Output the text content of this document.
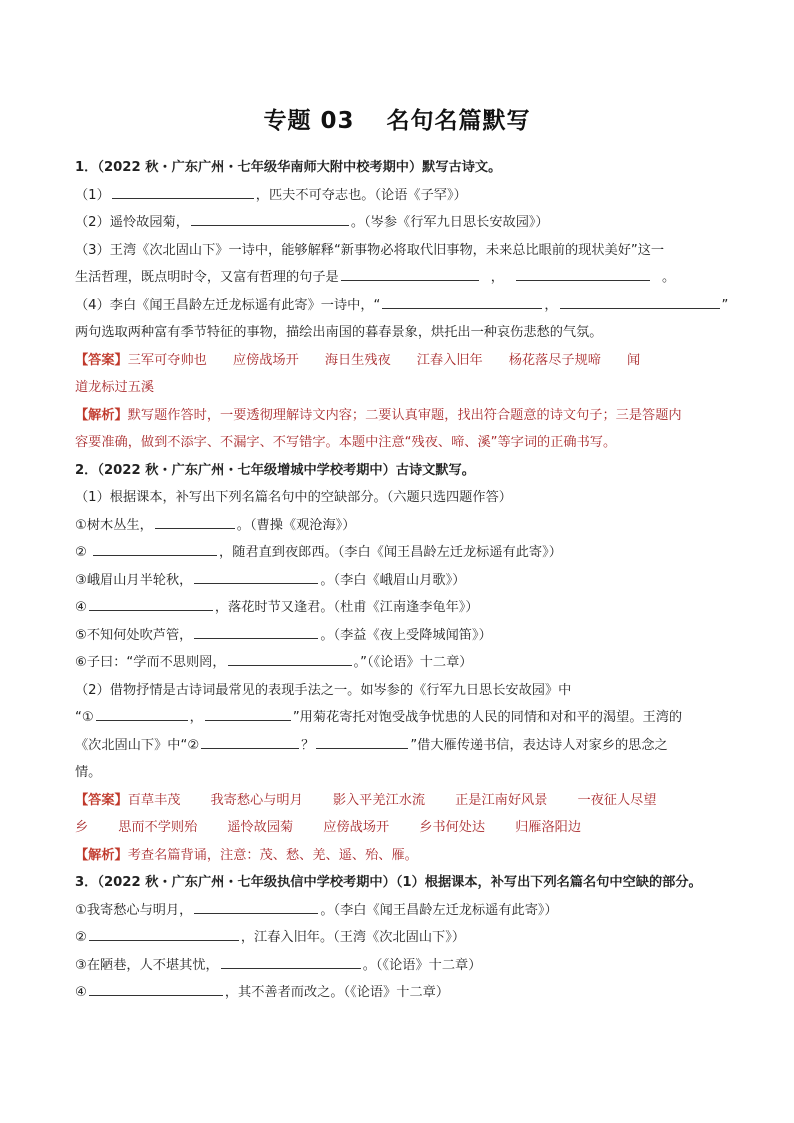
专题 03 名句名篇默写

1．（2022 秋・广东广州・七年级华南师大附中校考期中）默写古诗文。

（1）	，匹夫不可夺志也。（论语《子罕》）

（2）遥怜故园菊，	。（岑参《行军九日思长安故园》）

（3）王湾《次北固山下》一诗中，能够解释“新事物必将取代旧事物，未来总比眼前的现状美好”这一

生活哲理，既点明时令，又富有哲理的句子是	，	。

（4）李白《闻王昌龄左迁龙标遥有此寄》一诗中，“	，	”

两句选取两种富有季节特征的事物，描绘出南国的暮春景象，烘托出一种哀伤悲愁的气氛。

【答案】三军可夺帅也 应傍战场开 海日生残夜 江春入旧年 杨花落尽子规啼 闻

道龙标过五溪

【解析】默写题作答时，一要透彻理解诗文内容；二要认真审题，找出符合题意的诗文句子；三是答题内

容要准确，做到不添字、不漏字、不写错字。本题中注意“残夜、啼、溪”等字词的正确书写。

2．（2022 秋・广东广州・七年级增城中学校考期中）古诗文默写。

（1）根据课本，补写出下列名篇名句中的空缺部分。（六题只选四题作答）

①树木丛生，	。（曹操《观沧海》）

②	，随君直到夜郎西。（李白《闻王昌龄左迁龙标遥有此寄》）

③峨眉山月半轮秋，	。（李白《峨眉山月歌》）

④	，落花时节又逢君。（杜甫《江南逢李龟年》）

⑤不知何处吹芦管，	。（李益《夜上受降城闻笛》）

⑥子曰：“学而不思则罔，	。”（《论语》十二章）

（2）借物抒情是古诗词最常见的表现手法之一。如岑参的《行军九日思长安故园》中

“①	，	”用菊花寄托对饱受战争忧患的人民的同情和对和平的渴望。王湾的

《次北固山下》中“②	？	”借大雁传递书信，表达诗人对家乡的思念之

情。

【答案】百草丰茂 我寄愁心与明月 影入平羌江水流 正是江南好风景 一夜征人尽望

乡 思而不学则殆 遥怜故园菊 应傍战场开 乡书何处达 归雁洛阳边

【解析】考查名篇背诵，注意：茂、愁、羌、遥、殆、雁。

3．（2022 秋・广东广州・七年级执信中学校考期中）（1）根据课本，补写出下列名篇名句中空缺的部分。

①我寄愁心与明月，	。（李白《闻王昌龄左迁龙标遥有此寄》）

②	，江春入旧年。（王湾《次北固山下》）

③在陋巷，人不堪其忧，	。（《论语》十二章）

④	，其不善者而改之。（《论语》十二章）
